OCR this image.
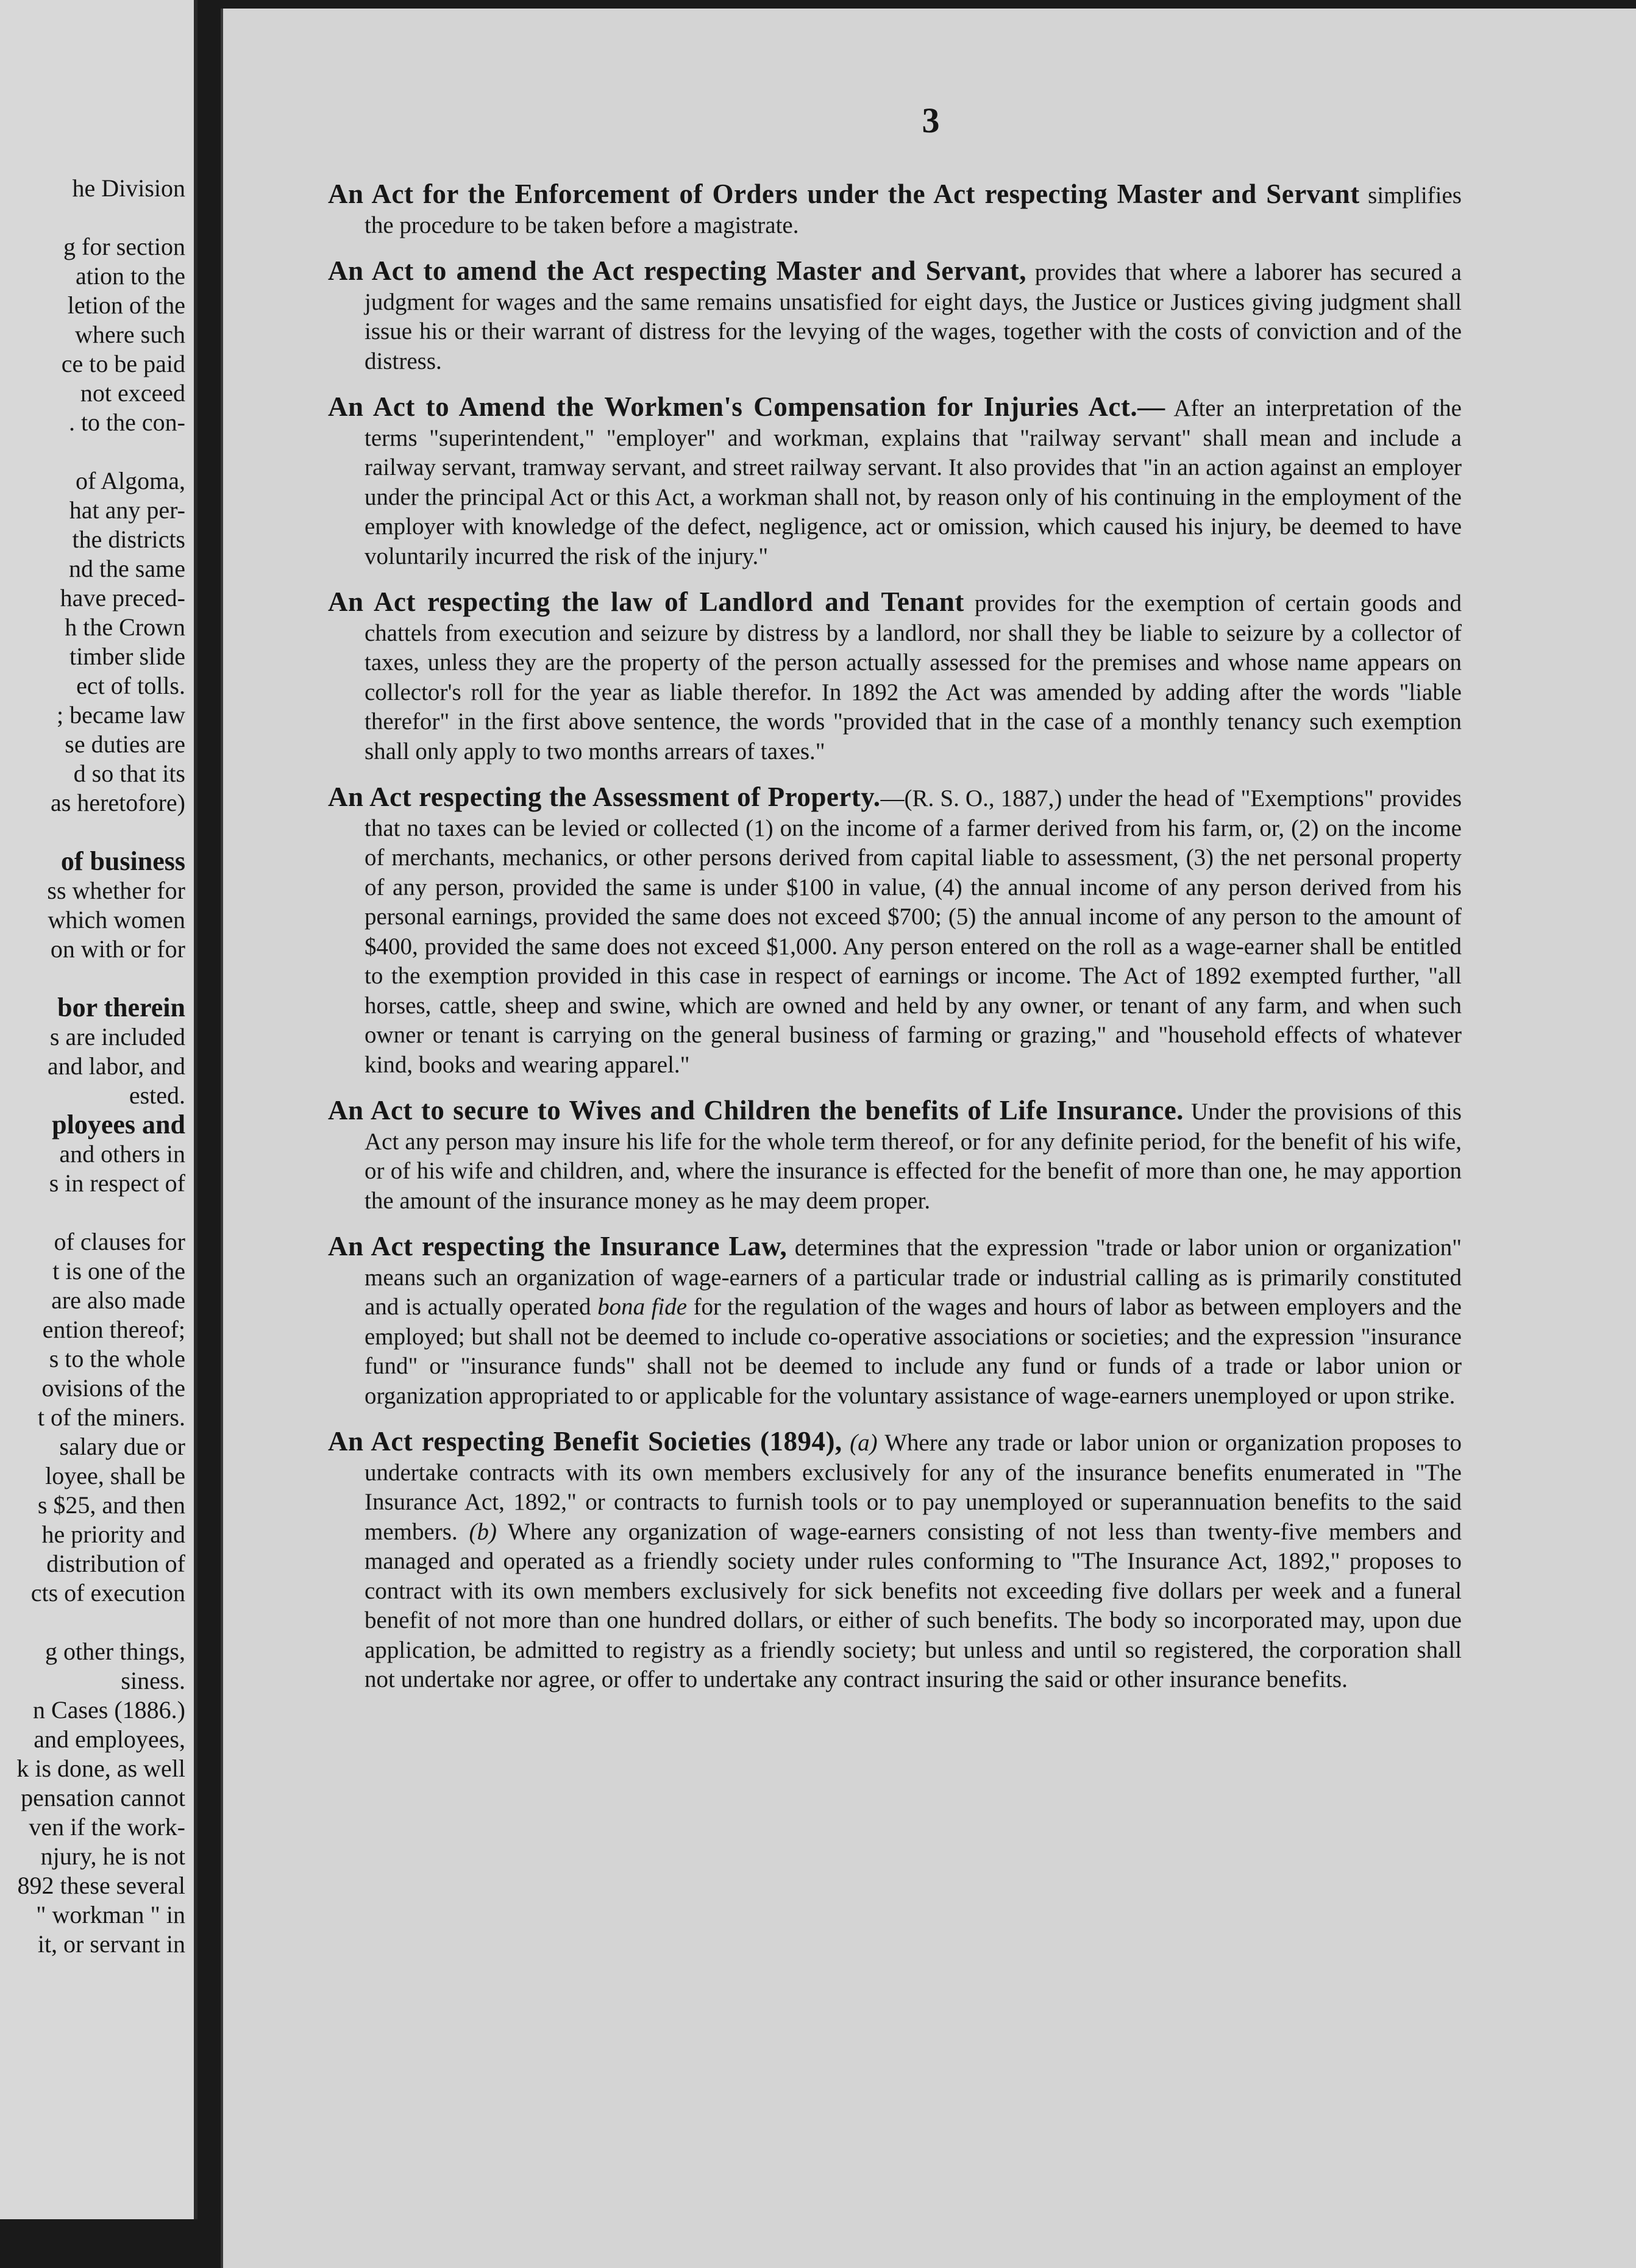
he Division
g for section
ation to the
letion of the
where such
ce to be paid
not exceed
. to the con-
of Algoma,
hat any per-
the districts
nd the same
have preced-
h the Crown
timber slide
ect of tolls.
; became law
se duties are
d so that its
as heretofore)
of business
ss whether for
which women
on with or for
bor therein
s are included
and labor, and
ested.
ployees and
and others in
s in respect of
of clauses for
t is one of the
are also made
ention thereof;
s to the whole
ovisions of the
t of the miners.
salary due or
loyee, shall be
s $25, and then
he priority and
distribution of
cts of execution
g other things,
siness.
n Cases (1886.)
and employees,
k is done, as well
pensation cannot
ven if the work-
njury, he is not
892 these several
" workman " in
it, or servant in
3

An Act for the Enforcement of Orders under the Act respecting Master and Servant simplifies the procedure to be taken before a magistrate.

An Act to amend the Act respecting Master and Servant, provides that where a laborer has secured a judgment for wages and the same remains unsatisfied for eight days, the Justice or Justices giving judgment shall issue his or their warrant of distress for the levying of the wages, together with the costs of conviction and of the distress.

An Act to Amend the Workmen's Compensation for Injuries Act.— After an interpretation of the terms "superintendent," "employer" and workman, explains that "railway servant" shall mean and include a railway servant, tramway servant, and street railway servant. It also provides that "in an action against an employer under the principal Act or this Act, a workman shall not, by reason only of his continuing in the employment of the employer with knowledge of the defect, negligence, act or omission, which caused his injury, be deemed to have voluntarily incurred the risk of the injury."

An Act respecting the law of Landlord and Tenant provides for the exemption of certain goods and chattels from execution and seizure by distress by a landlord, nor shall they be liable to seizure by a collector of taxes, unless they are the property of the person actually assessed for the premises and whose name appears on collector's roll for the year as liable therefor. In 1892 the Act was amended by adding after the words "liable therefor" in the first above sentence, the words "provided that in the case of a monthly tenancy such exemption shall only apply to two months arrears of taxes."

An Act respecting the Assessment of Property.—(R. S. O., 1887,) under the head of "Exemptions" provides that no taxes can be levied or collected (1) on the income of a farmer derived from his farm, or, (2) on the income of merchants, mechanics, or other persons derived from capital liable to assessment, (3) the net personal property of any person, provided the same is under $100 in value, (4) the annual income of any person derived from his personal earnings, provided the same does not exceed $700; (5) the annual income of any person to the amount of $400, provided the same does not exceed $1,000. Any person entered on the roll as a wage-earner shall be entitled to the exemption provided in this case in respect of earnings or income. The Act of 1892 exempted further, "all horses, cattle, sheep and swine, which are owned and held by any owner, or tenant of any farm, and when such owner or tenant is carrying on the general business of farming or grazing," and "household effects of whatever kind, books and wearing apparel."

An Act to secure to Wives and Children the benefits of Life Insurance. Under the provisions of this Act any person may insure his life for the whole term thereof, or for any definite period, for the benefit of his wife, or of his wife and children, and, where the insurance is effected for the benefit of more than one, he may apportion the amount of the insurance money as he may deem proper.

An Act respecting the Insurance Law, determines that the expression "trade or labor union or organization" means such an organization of wage-earners of a particular trade or industrial calling as is primarily constituted and is actually operated bona fide for the regulation of the wages and hours of labor as between employers and the employed; but shall not be deemed to include co-operative associations or societies; and the expression "insurance fund" or "insurance funds" shall not be deemed to include any fund or funds of a trade or labor union or organization appropriated to or applicable for the voluntary assistance of wage-earners unemployed or upon strike.

An Act respecting Benefit Societies (1894), (a) Where any trade or labor union or organization proposes to undertake contracts with its own members exclusively for any of the insurance benefits enumerated in "The Insurance Act, 1892," or contracts to furnish tools or to pay unemployed or superannuation benefits to the said members. (b) Where any organization of wage-earners consisting of not less than twenty-five members and managed and operated as a friendly society under rules conforming to "The Insurance Act, 1892," proposes to contract with its own members exclusively for sick benefits not exceeding five dollars per week and a funeral benefit of not more than one hundred dollars, or either of such benefits. The body so incorporated may, upon due application, be admitted to registry as a friendly society; but unless and until so registered, the corporation shall not undertake nor agree, or offer to undertake any contract insuring the said or other insurance benefits.
